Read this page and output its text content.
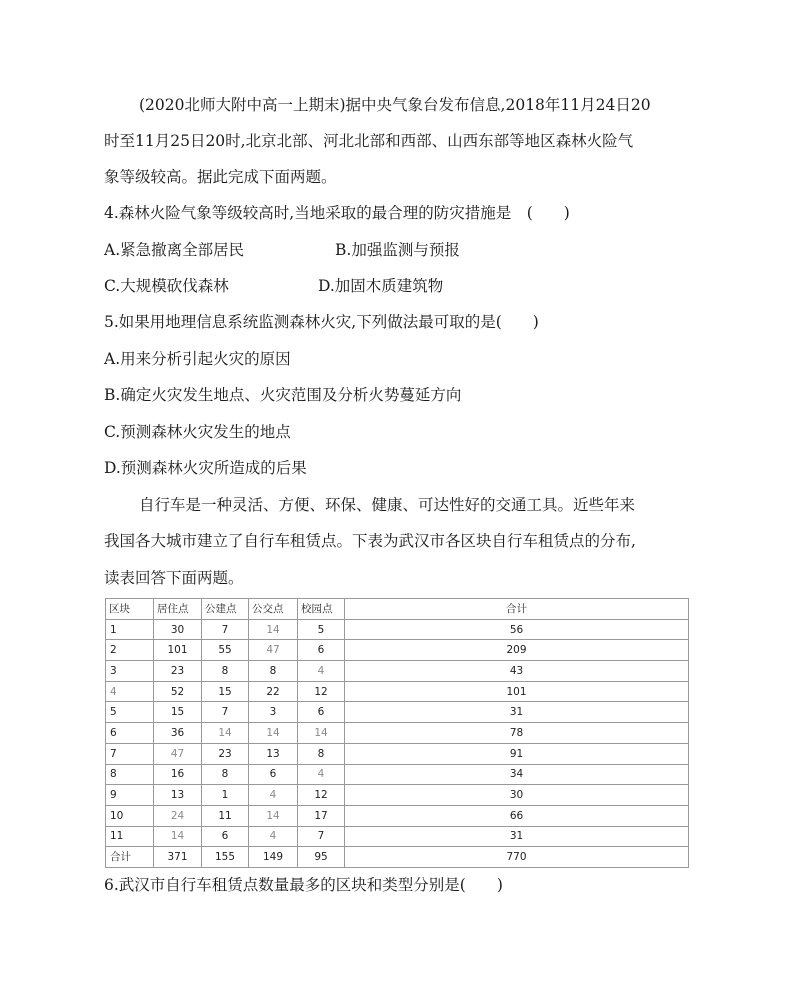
(2020北师大附中高一上期末)据中央气象台发布信息,2018年11月24日20
时至11月25日20时,北京北部、河北北部和西部、山西东部等地区森林火险气
象等级较高。据此完成下面两题。
4.森林火险气象等级较高时,当地采取的最合理的防灾措施是　(　　)
A.紧急撤离全部居民	B.加强监测与预报
C.大规模砍伐森林	D.加固木质建筑物
5.如果用地理信息系统监测森林火灾,下列做法最可取的是(　　)
A.用来分析引起火灾的原因
B.确定火灾发生地点、火灾范围及分析火势蔓延方向
C.预测森林火灾发生的地点
D.预测森林火灾所造成的后果
自行车是一种灵活、方便、环保、健康、可达性好的交通工具。近些年来
我国各大城市建立了自行车租赁点。下表为武汉市各区块自行车租赁点的分布,
读表回答下面两题。
区块	居住点	公建点	公交点	校园点	合计
1	30	7	14	5	56
2	101	55	47	6	209
3	23	8	8	4	43
4	52	15	22	12	101
5	15	7	3	6	31
6	36	14	14	14	78
7	47	23	13	8	91
8	16	8	6	4	34
9	13	1	4	12	30
10	24	11	14	17	66
11	14	6	4	7	31
合计	371	155	149	95	770
6.武汉市自行车租赁点数量最多的区块和类型分别是(　　)
